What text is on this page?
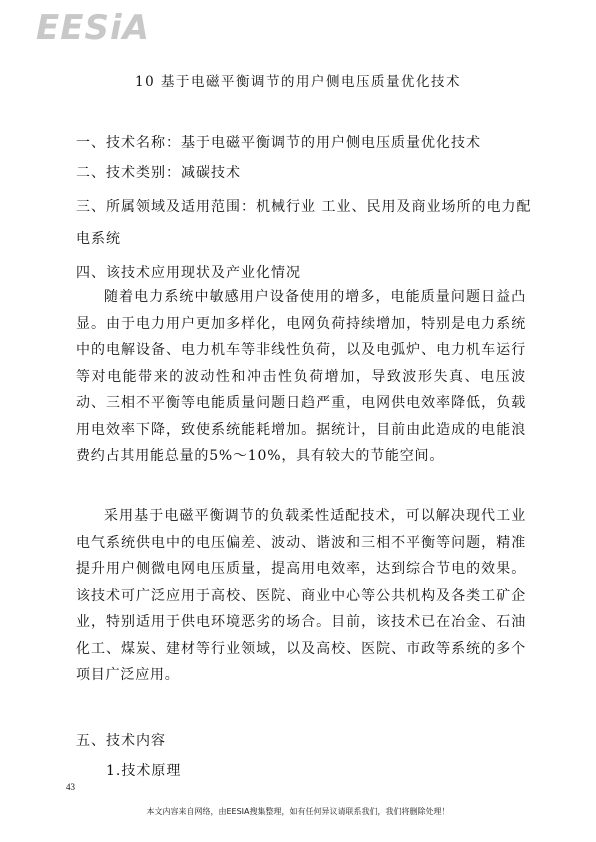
EESiA
10 基于电磁平衡调节的用户侧电压质量优化技术
一、技术名称：基于电磁平衡调节的用户侧电压质量优化技术
二、技术类别：减碳技术
三、所属领域及适用范围：机械行业 工业、民用及商业场所的电力配
电系统
四、该技术应用现状及产业化情况
随着电力系统中敏感用户设备使用的增多，电能质量问题日益凸显。由于电力用户更加多样化，电网负荷持续增加，特别是电力系统中的电解设备、电力机车等非线性负荷，以及电弧炉、电力机车运行等对电能带来的波动性和冲击性负荷增加，导致波形失真、电压波动、三相不平衡等电能质量问题日趋严重，电网供电效率降低，负载用电效率下降，致使系统能耗增加。据统计，目前由此造成的电能浪费约占其用能总量的5%～10%，具有较大的节能空间。
采用基于电磁平衡调节的负载柔性适配技术，可以解决现代工业电气系统供电中的电压偏差、波动、谐波和三相不平衡等问题，精准提升用户侧微电网电压质量，提高用电效率，达到综合节电的效果。该技术可广泛应用于高校、医院、商业中心等公共机构及各类工矿企业，特别适用于供电环境恶劣的场合。目前，该技术已在冶金、石油化工、煤炭、建材等行业领域，以及高校、医院、市政等系统的多个项目广泛应用。
五、技术内容
1.技术原理
43
本文内容来自网络，由EESIA搜集整理，如有任何异议请联系我们，我们将删除处理！
